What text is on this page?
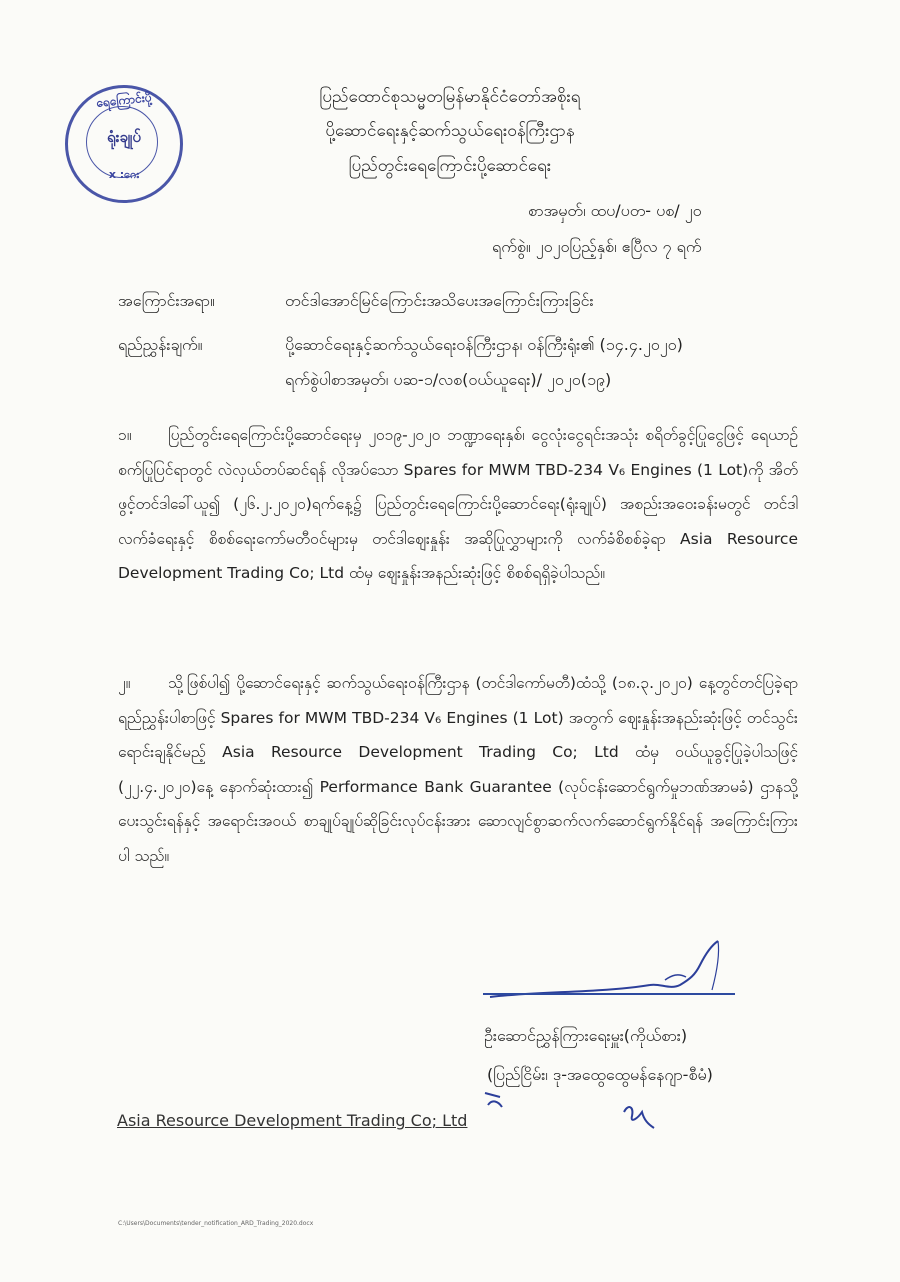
ရေကြောင်းပို့
ရုံးချုပ်
x :ဂေး
ပြည်ထောင်စုသမ္မတမြန်မာနိုင်ငံတော်အစိုးရ
ပို့ဆောင်ရေးနှင့်ဆက်သွယ်ရေးဝန်ကြီးဌာန
ပြည်တွင်းရေကြောင်းပို့ဆောင်ရေး
စာအမှတ်၊ ထပ/ပတ- ပစ/ ၂၀
ရက်စွဲ။ ၂၀၂၀ပြည့်နှစ်၊ ဧပြီလ ၇ ရက်
အကြောင်းအရာ။	တင်ဒါအောင်မြင်ကြောင်းအသိပေးအကြောင်းကြားခြင်း
ရည်ညွှန်းချက်။	ပို့ဆောင်ရေးနှင့်ဆက်သွယ်ရေးဝန်ကြီးဌာန၊ ဝန်ကြီးရုံး၏ (၁၄.၄.၂၀၂၀)
ရက်စွဲပါစာအမှတ်၊ ပဆ-၁/လစ(ဝယ်ယူရေး)/ ၂၀၂၀(၁၉)
၁။ ပြည်တွင်းရေကြောင်းပို့ဆောင်ရေးမှ ၂၀၁၉-၂၀၂၀ ဘဏ္ဍာရေးနှစ်၊ ငွေလုံးငွေရင်းအသုံး စရိတ်ခွင့်ပြုငွေဖြင့် ရေယာဉ်စက်ပြုပြင်ရာတွင် လဲလှယ်တပ်ဆင်ရန် လိုအပ်သော Spares for MWM TBD-234 V₆ Engines (1 Lot)ကို အိတ်ဖွင့်တင်ဒါခေါ်ယူ၍ (၂၆.၂.၂၀၂၀)ရက်နေ့၌ ပြည်တွင်းရေကြောင်းပို့ဆောင်ရေး(ရုံးချုပ်) အစည်းအဝေးခန်းမတွင် တင်ဒါလက်ခံရေးနှင့် စိစစ်ရေးကော်မတီဝင်များမှ တင်ဒါဈေးနှုန်း အဆိုပြုလွှာများကို လက်ခံစိစစ်ခဲ့ရာ Asia Resource Development Trading Co; Ltd ထံမှ ဈေးနှုန်းအနည်းဆုံးဖြင့် စိစစ်ရရှိခဲ့ပါသည်။
၂။ သို့ဖြစ်ပါ၍ ပို့ဆောင်ရေးနှင့် ဆက်သွယ်ရေးဝန်ကြီးဌာန (တင်ဒါကော်မတီ)ထံသို့ (၁၈.၃.၂၀၂၀) နေ့တွင်တင်ပြခဲ့ရာရည်ညွှန်းပါစာဖြင့် Spares for MWM TBD-234 V₆ Engines (1 Lot) အတွက် ဈေးနှုန်းအနည်းဆုံးဖြင့် တင်သွင်းရောင်းချနိုင်မည့် Asia Resource Development Trading Co; Ltd ထံမှ ဝယ်ယူခွင့်ပြုခဲ့ပါသဖြင့် (၂၂.၄.၂၀၂၀)နေ့ နောက်ဆုံးထား၍ Performance Bank Guarantee (လုပ်ငန်းဆောင်ရွက်မှုဘဏ်အာမခံ) ဌာနသို့ပေးသွင်းရန်နှင့် အရောင်းအဝယ် စာချုပ်ချုပ်ဆိုခြင်းလုပ်ငန်းအား ဆောလျင်စွာဆက်လက်ဆောင်ရွက်နိုင်ရန် အကြောင်းကြားပါ သည်။
ဦးဆောင်ညွှန်ကြားရေးမှူး(ကိုယ်စား)
(ပြည်ငြိမ်း၊ ဒု-အထွေထွေမန်နေဂျာ-စီမံ)
Asia Resource Development Trading Co; Ltd
C:\Users\Documents\tender_notification_ARD_Trading_2020.docx
